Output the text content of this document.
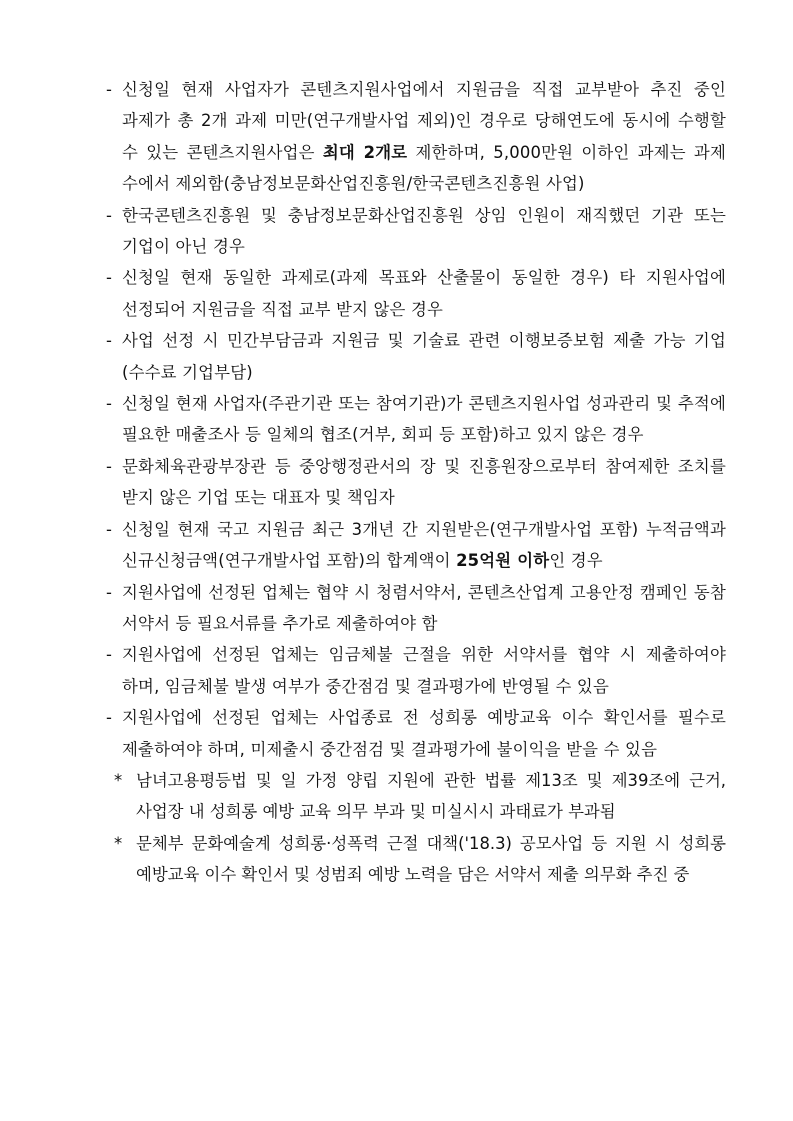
- 신청일 현재 사업자가 콘텐츠지원사업에서 지원금을 직접 교부받아 추진 중인 과제가 총 2개 과제 미만(연구개발사업 제외)인 경우로 당해연도에 동시에 수행할 수 있는 콘텐츠지원사업은 최대 2개로 제한하며, 5,000만원 이하인 과제는 과제 수에서 제외함(충남정보문화산업진흥원/한국콘텐츠진흥원 사업)
- 한국콘텐츠진흥원 및 충남정보문화산업진흥원 상임 인원이 재직했던 기관 또는 기업이 아닌 경우
- 신청일 현재 동일한 과제로(과제 목표와 산출물이 동일한 경우) 타 지원사업에 선정되어 지원금을 직접 교부 받지 않은 경우
- 사업 선정 시 민간부담금과 지원금 및 기술료 관련 이행보증보험 제출 가능 기업(수수료 기업부담)
- 신청일 현재 사업자(주관기관 또는 참여기관)가 콘텐츠지원사업 성과관리 및 추적에 필요한 매출조사 등 일체의 협조(거부, 회피 등 포함)하고 있지 않은 경우
- 문화체육관광부장관 등 중앙행정관서의 장 및 진흥원장으로부터 참여제한 조치를 받지 않은 기업 또는 대표자 및 책임자
- 신청일 현재 국고 지원금 최근 3개년 간 지원받은(연구개발사업 포함) 누적금액과 신규신청금액(연구개발사업 포함)의 합계액이 25억원 이하인 경우
- 지원사업에 선정된 업체는 협약 시 청렴서약서, 콘텐츠산업계 고용안정 캠페인 동참 서약서 등 필요서류를 추가로 제출하여야 함
- 지원사업에 선정된 업체는 임금체불 근절을 위한 서약서를 협약 시 제출하여야 하며, 임금체불 발생 여부가 중간점검 및 결과평가에 반영될 수 있음
- 지원사업에 선정된 업체는 사업종료 전 성희롱 예방교육 이수 확인서를 필수로 제출하여야 하며, 미제출시 중간점검 및 결과평가에 불이익을 받을 수 있음
* 남녀고용평등법 및 일 가정 양립 지원에 관한 법률 제13조 및 제39조에 근거, 사업장 내 성희롱 예방 교육 의무 부과 및 미실시시 과태료가 부과됨
* 문체부 문화예술계 성희롱·성폭력 근절 대책('18.3) 공모사업 등 지원 시 성희롱 예방교육 이수 확인서 및 성범죄 예방 노력을 담은 서약서 제출 의무화 추진 중
